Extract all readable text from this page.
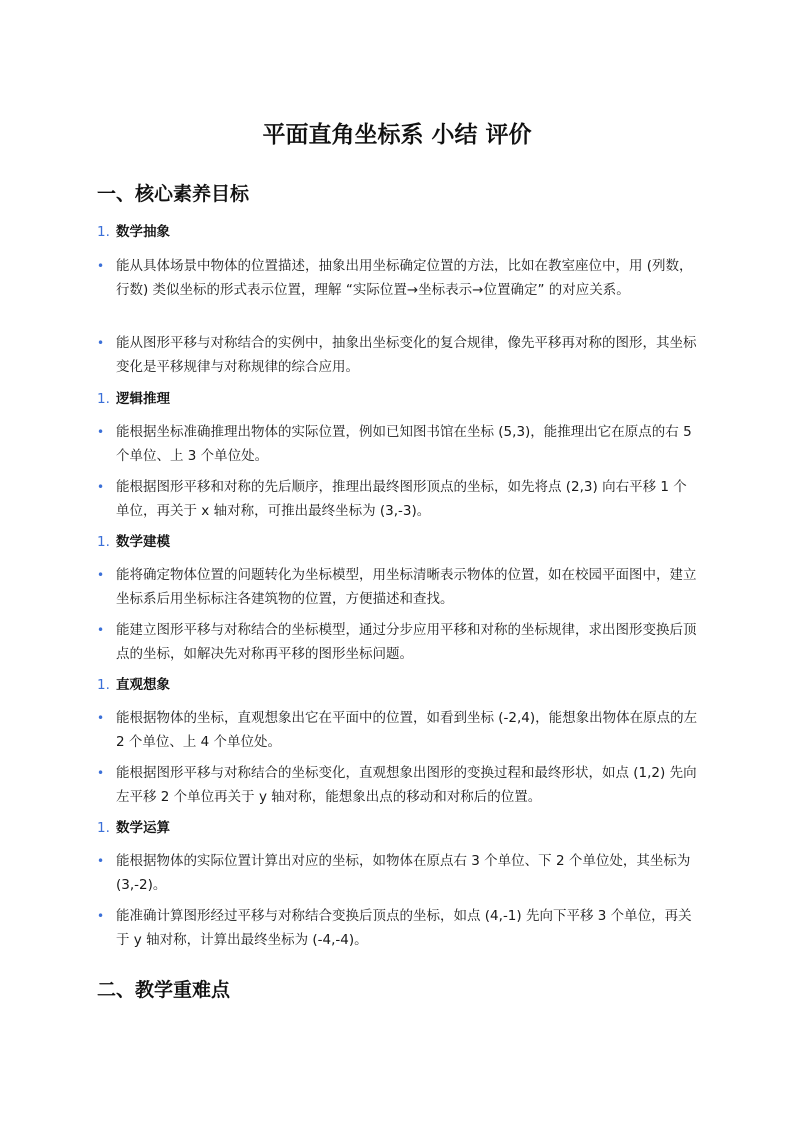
平面直角坐标系 小结 评价
一、核心素养目标
1. 数学抽象
• 能从具体场景中物体的位置描述，抽象出用坐标确定位置的方法，比如在教室座位中，用 (列数，行数) 类似坐标的形式表示位置，理解 “实际位置→坐标表示→位置确定” 的对应关系。
• 能从图形平移与对称结合的实例中，抽象出坐标变化的复合规律，像先平移再对称的图形，其坐标变化是平移规律与对称规律的综合应用。
1. 逻辑推理
• 能根据坐标准确推理出物体的实际位置，例如已知图书馆在坐标 (5,3)，能推理出它在原点的右 5 个单位、上 3 个单位处。
• 能根据图形平移和对称的先后顺序，推理出最终图形顶点的坐标，如先将点 (2,3) 向右平移 1 个单位，再关于 x 轴对称，可推出最终坐标为 (3,-3)。
1. 数学建模
• 能将确定物体位置的问题转化为坐标模型，用坐标清晰表示物体的位置，如在校园平面图中，建立坐标系后用坐标标注各建筑物的位置，方便描述和查找。
• 能建立图形平移与对称结合的坐标模型，通过分步应用平移和对称的坐标规律，求出图形变换后顶点的坐标，如解决先对称再平移的图形坐标问题。
1. 直观想象
• 能根据物体的坐标，直观想象出它在平面中的位置，如看到坐标 (-2,4)，能想象出物体在原点的左 2 个单位、上 4 个单位处。
• 能根据图形平移与对称结合的坐标变化，直观想象出图形的变换过程和最终形状，如点 (1,2) 先向左平移 2 个单位再关于 y 轴对称，能想象出点的移动和对称后的位置。
1. 数学运算
• 能根据物体的实际位置计算出对应的坐标，如物体在原点右 3 个单位、下 2 个单位处，其坐标为 (3,-2)。
• 能准确计算图形经过平移与对称结合变换后顶点的坐标，如点 (4,-1) 先向下平移 3 个单位，再关于 y 轴对称，计算出最终坐标为 (-4,-4)。
二、教学重难点
